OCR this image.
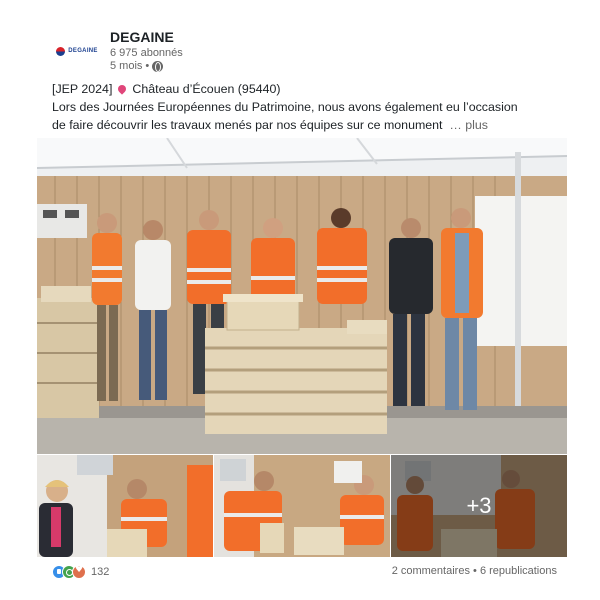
DEGAINE
DEGAINE
6 975 abonnés
5 mois •
[JEP 2024] Château d’Écouen (95440)
Lors des Journées Européennes du Patrimoine, nous avons également eu l’occasion
de faire découvrir les travaux menés par nos équipes sur ce monument … plus
+3
♥
132	2 commentaires • 6 republications
